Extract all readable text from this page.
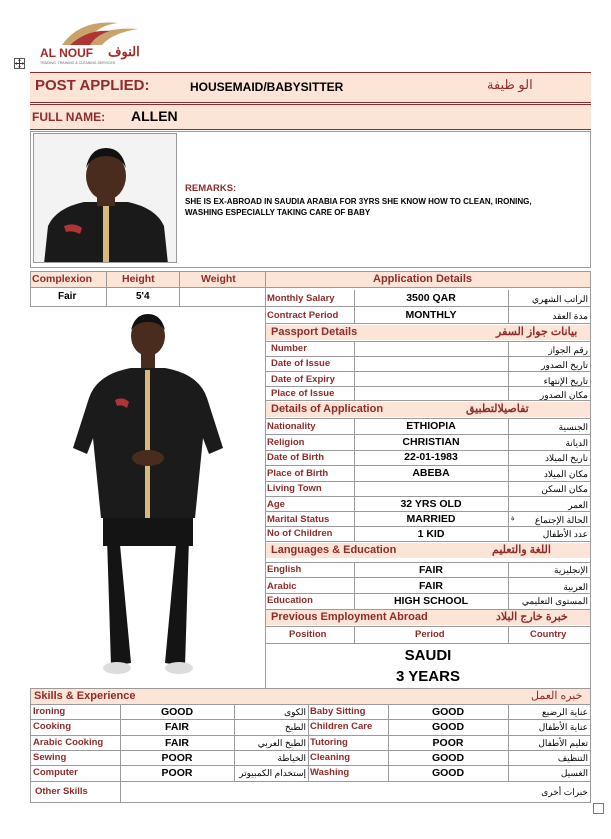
AL NOUF النوف
TRADING, TRAINING & CLEANING SERVICES
POST APPLIED:	HOUSEMAID/BABYSITTER	الو ظيفة
FULL NAME: ALLEN
REMARKS:
SHE IS EX-ABROAD IN SAUDIA ARABIA FOR 3YRS SHE KNOW HOW TO CLEAN, IRONING, WASHING ESPECIALLY TAKING CARE OF BABY
Complexion	Height	Weight
Fair	5'4
Application Details
Monthly Salary	3500 QAR	الراتب الشهري
Contract Period	MONTHLY	مدة العقد
Passport Details	بيانات جواز السفر
Number	رقم الجواز
Date of Issue	تاريخ الصدور
Date of Expiry	تاريخ الإنتهاء
Place of Issue	مكان الصدور
Details of Application	تفاصيلالتطبيق
Nationality	ETHIOPIA	الجنسية
Religion	CHRISTIAN	الديانة
Date of Birth	22-01-1983	تاريخ الميلاد
Place of Birth	ABEBA	مكان الميلاد
Living Town	مكان السكن
Age	32 YRS OLD	العمر
Marital Status	MARRIED	ة	الحالة الإجتماع
No of Children	1 KID	عدد الأطفال
Languages & Education	اللغة والتعليم
English	FAIR	الإنجليزية
Arabic	FAIR	العربية
Education	HIGH SCHOOL	المستوى التعليمي
Previous Employment Abroad	خبرة خارج البلاد
Position	Period	Country
SAUDI
3 YEARS
Skills & Experience	خبره العمل
Ironing	GOOD	الكوى Baby Sitting	GOOD	عناية الرضيع
Cooking	FAIR	الطبخ Children Care	GOOD	عناية الأطفال
Arabic Cooking	FAIR	الطبخ العربي Tutoring	POOR	تعليم الأطفال
Sewing	POOR	الخياطة Cleaning	GOOD	التنظيف
Computer	POOR	إستخدام الكمبيوتر Washing	GOOD	الغسيل
Other Skills	خبرات أخرى
